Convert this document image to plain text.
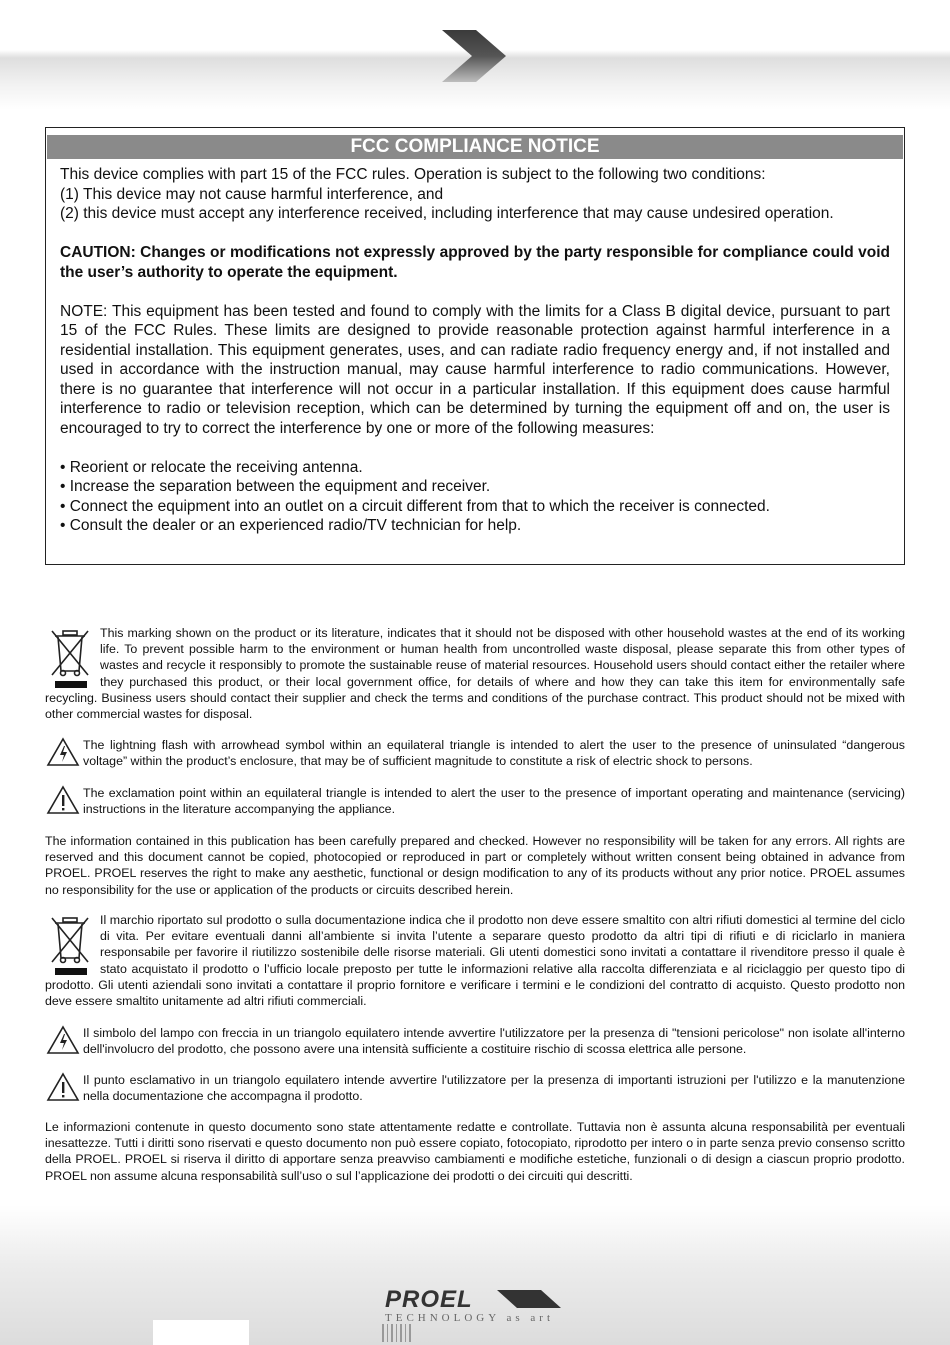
FCC COMPLIANCE NOTICE

This device complies with part 15 of the FCC rules. Operation is subject to the following two conditions:

(1) This device may not cause harmful interference, and

(2) this device must accept any interference received, including interference that may cause undesired operation.

CAUTION: Changes or modifications not expressly approved by the party responsible for compliance could void the user’s authority to operate the equipment.

NOTE: This equipment has been tested and found to comply with the limits for a Class B digital device, pursuant to part 15 of the FCC Rules. These limits are designed to provide reasonable protection against harmful interference in a residential installation. This equipment generates, uses, and can radiate radio frequency energy and, if not installed and used in accordance with the instruction manual, may cause harmful interference to radio communications. However, there is no guarantee that interference will not occur in a particular installation. If this equipment does cause harmful interference to radio or television reception, which can be determined by turning the equipment off and on, the user is encouraged to try to correct the interference by one or more of the following measures:

• Reorient or relocate the receiving antenna.

• Increase the separation between the equipment and receiver.

• Connect the equipment into an outlet on a circuit different from that to which the receiver is connected.

• Consult the dealer or an experienced radio/TV technician for help.

This marking shown on the product or its literature, indicates that it should not be disposed with other household wastes at the end of its working life. To prevent possible harm to the environment or human health from uncontrolled waste disposal, please separate this from other types of wastes and recycle it responsibly to promote the sustainable reuse of material resources. Household users should contact either the retailer where they purchased this product, or their local government office, for details of where and how they can take this item for environmentally safe recycling. Business users should contact their supplier and check the terms and conditions of the purchase contract. This product should not be mixed with other commercial wastes for disposal.
The lightning flash with arrowhead symbol within an equilateral triangle is intended to alert the user to the presence of uninsulated “dangerous voltage” within the product’s enclosure, that may be of sufficient magnitude to constitute a risk of electric shock to persons.
The exclamation point within an equilateral triangle is intended to alert the user to the presence of important operating and maintenance (servicing) instructions in the literature accompanying the appliance.
The information contained in this publication has been carefully prepared and checked. However no responsibility will be taken for any errors. All rights are reserved and this document cannot be copied, photocopied or reproduced in part or completely without written consent being obtained in advance from PROEL. PROEL reserves the right to make any aesthetic, functional or design modification to any of its products without any prior notice. PROEL assumes no responsibility for the use or application of the products or circuits described herein.
Il marchio riportato sul prodotto o sulla documentazione indica che il prodotto non deve essere smaltito con altri rifiuti domestici al termine del ciclo di vita. Per evitare eventuali danni all’ambiente si invita l’utente a separare questo prodotto da altri tipi di rifiuti e di riciclarlo in maniera responsabile per favorire il riutilizzo sostenibile delle risorse materiali. Gli utenti domestici sono invitati a contattare il rivenditore presso il quale è stato acquistato il prodotto o l’ufficio locale preposto per tutte le informazioni relative alla raccolta differenziata e al riciclaggio per questo tipo di prodotto. Gli utenti aziendali sono invitati a contattare il proprio fornitore e verificare i termini e le condizioni del contratto di acquisto. Questo prodotto non deve essere smaltito unitamente ad altri rifiuti commerciali.
Il simbolo del lampo con freccia in un triangolo equilatero intende avvertire l'utilizzatore per la presenza di "tensioni pericolose" non isolate all'interno dell'involucro del prodotto, che possono avere una intensità sufficiente a costituire rischio di scossa elettrica alle persone.
Il punto esclamativo in un triangolo equilatero intende avvertire l'utilizzatore per la presenza di importanti istruzioni per l'utilizzo e la manutenzione nella documentazione che accompagna il prodotto.
Le informazioni contenute in questo documento sono state attentamente redatte e controllate. Tuttavia non è assunta alcuna responsabilità per eventuali inesattezze. Tutti i diritti sono riservati e questo documento non può essere copiato, fotocopiato, riprodotto per intero o in parte senza previo consenso scritto della PROEL. PROEL si riserva il diritto di apportare senza preavviso cambiamenti e modifiche estetiche, funzionali o di design a ciascun proprio prodotto. PROEL non assume alcuna responsabilità sull’uso o sul l’applicazione dei prodotti o dei circuiti qui descritti.
PROEL
TECHNOLOGY as art
